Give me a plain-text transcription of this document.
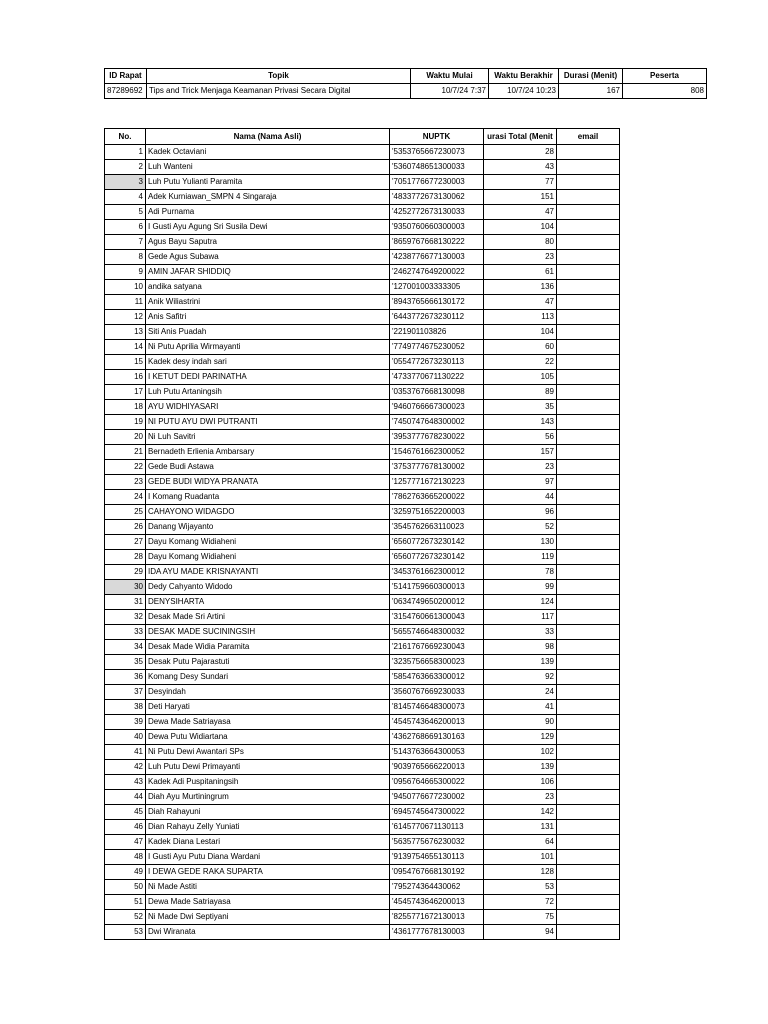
ID Rapat	Topik	Waktu Mulai	Waktu Berakhir	Durasi (Menit)	Peserta
87289692	Tips and Trick Menjaga Keamanan Privasi Secara Digital	10/7/24 7:37	10/7/24 10:23	167	808
No.	Nama (Nama Asli)	NUPTK	urasi Total (Menit	email
1	Kadek Octaviani	'5353765667230073	28	
2	Luh Wanteni	'5360748651300033	43	
3	Luh Putu Yulianti Paramita	'7051776677230003	77	
4	Adek Kurniawan_SMPN 4 Singaraja	'4833772673130062	151	
5	Adi Purnama	'4252772673130033	47	
6	I Gusti Ayu Agung Sri Susila Dewi	'9350760660300003	104	
7	Agus Bayu Saputra	'8659767668130222	80	
8	Gede Agus Subawa	'4238776677130003	23	
9	AMIN JAFAR SHIDDIQ	'2462747649200022	61	
10	andika satyana	'127001003333305	136	
11	Anik Wiliastrini	'8943765666130172	47	
12	Anis Safitri	'6443772673230112	113	
13	Siti Anis Puadah	'221901103826	104	
14	Ni Putu Aprilia Wirmayanti	'7749774675230052	60	
15	Kadek desy indah sari	'0554772673230113	22	
16	I KETUT DEDI PARINATHA	'4733770671130222	105	
17	Luh Putu Artaningsih	'0353767668130098	89	
18	AYU WIDHIYASARI	'9460766667300023	35	
19	NI PUTU AYU DWI PUTRANTI	'7450747648300002	143	
20	Ni Luh Savitri	'3953777678230022	56	
21	Bernadeth Erlienia Ambarsary	'1546761662300052	157	
22	Gede Budi Astawa	'3753777678130002	23	
23	GEDE BUDI WIDYA PRANATA	'1257771672130223	97	
24	I Komang Ruadanta	'7862763665200022	44	
25	CAHAYONO WIDAGDO	'3259751652200003	96	
26	Danang Wijayanto	'3545762663110023	52	
27	Dayu Komang Widiaheni	'6560772673230142	130	
28	Dayu Komang Widiaheni	'6560772673230142	119	
29	IDA AYU MADE KRISNAYANTI	'3453761662300012	78	
30	Dedy Cahyanto Widodo	'5141759660300013	99	
31	DENYSIHARTA	'0634749650200012	124	
32	Desak Made Sri Artini	'3154760661300043	117	
33	DESAK MADE SUCININGSIH	'5655746648300032	33	
34	Desak Made Widia Paramita	'2161767669230043	98	
35	Desak Putu Pajarastuti	'3235756658300023	139	
36	Komang Desy Sundari	'5854763663300012	92	
37	Desyindah	'3560767669230033	24	
38	Deti Haryati	'8145746648300073	41	
39	Dewa Made Satriayasa	'4545743646200013	90	
40	Dewa Putu Widiartana	'4362768669130163	129	
41	Ni Putu Dewi Awantari SPs	'5143763664300053	102	
42	Luh Putu Dewi Primayanti	'9039765666220013	139	
43	Kadek Adi Puspitaningsih	'0956764665300022	106	
44	Diah Ayu Murtiningrum	'9450776677230002	23	
45	Diah Rahayuni	'6945745647300022	142	
46	Dian Rahayu Zelly Yuniati	'6145770671130113	131	
47	Kadek Diana Lestari	'5635775676230032	64	
48	I Gusti Ayu Putu Diana Wardani	'9139754655130113	101	
49	I DEWA GEDE RAKA SUPARTA	'0954767668130192	128	
50	Ni Made Astiti	'795274364430062	53	
51	Dewa Made Satriayasa	'4545743646200013	72	
52	Ni Made Dwi Septiyani	'8255771672130013	75	
53	Dwi Wiranata	'4361777678130003	94	
